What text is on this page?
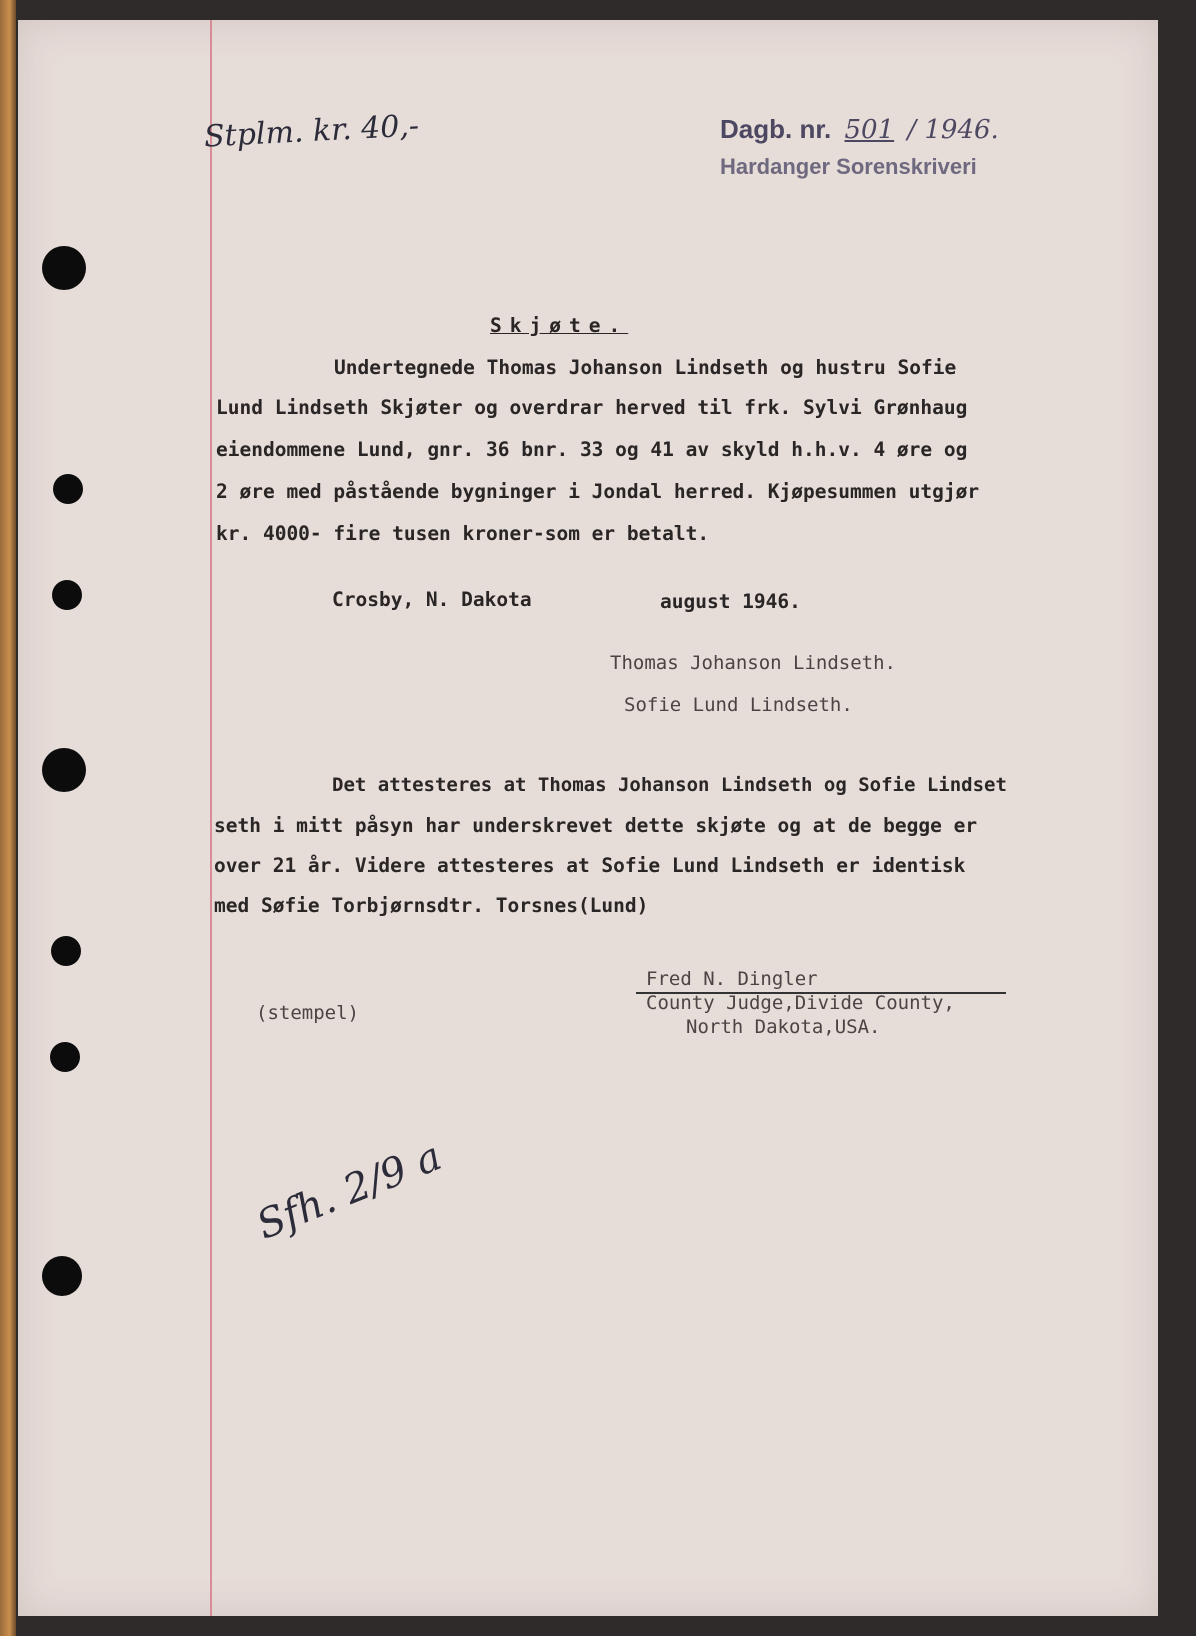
Stplm. kr. 40,-	Dagb. nr. 501 / 1946.
Hardanger Sorenskriveri
Skjøte.
Undertegnede Thomas Johanson Lindseth og hustru Sofie
Lund Lindseth Skjøter og overdrar herved til frk. Sylvi Grønhaug
eiendommene Lund, gnr. 36 bnr. 33 og 41 av skyld h.h.v. 4 øre og
2 øre med påstående bygninger i Jondal herred. Kjøpesummen utgjør
kr. 4000- fire tusen kroner-som er betalt.
Crosby, N. Dakota	august 1946.
Thomas Johanson Lindseth.
Sofie Lund Lindseth.
Det attesteres at Thomas Johanson Lindseth og Sofie Lindset
seth i mitt påsyn har underskrevet dette skjøte og at de begge er
over 21 år. Videre attesteres at Sofie Lund Lindseth er identisk
med Søfie Torbjørnsdtr. Torsnes(Lund)
(stempel)
Fred N. Dingler
County Judge,Divide County,
North Dakota,USA.
Sfh. 2/9 a
